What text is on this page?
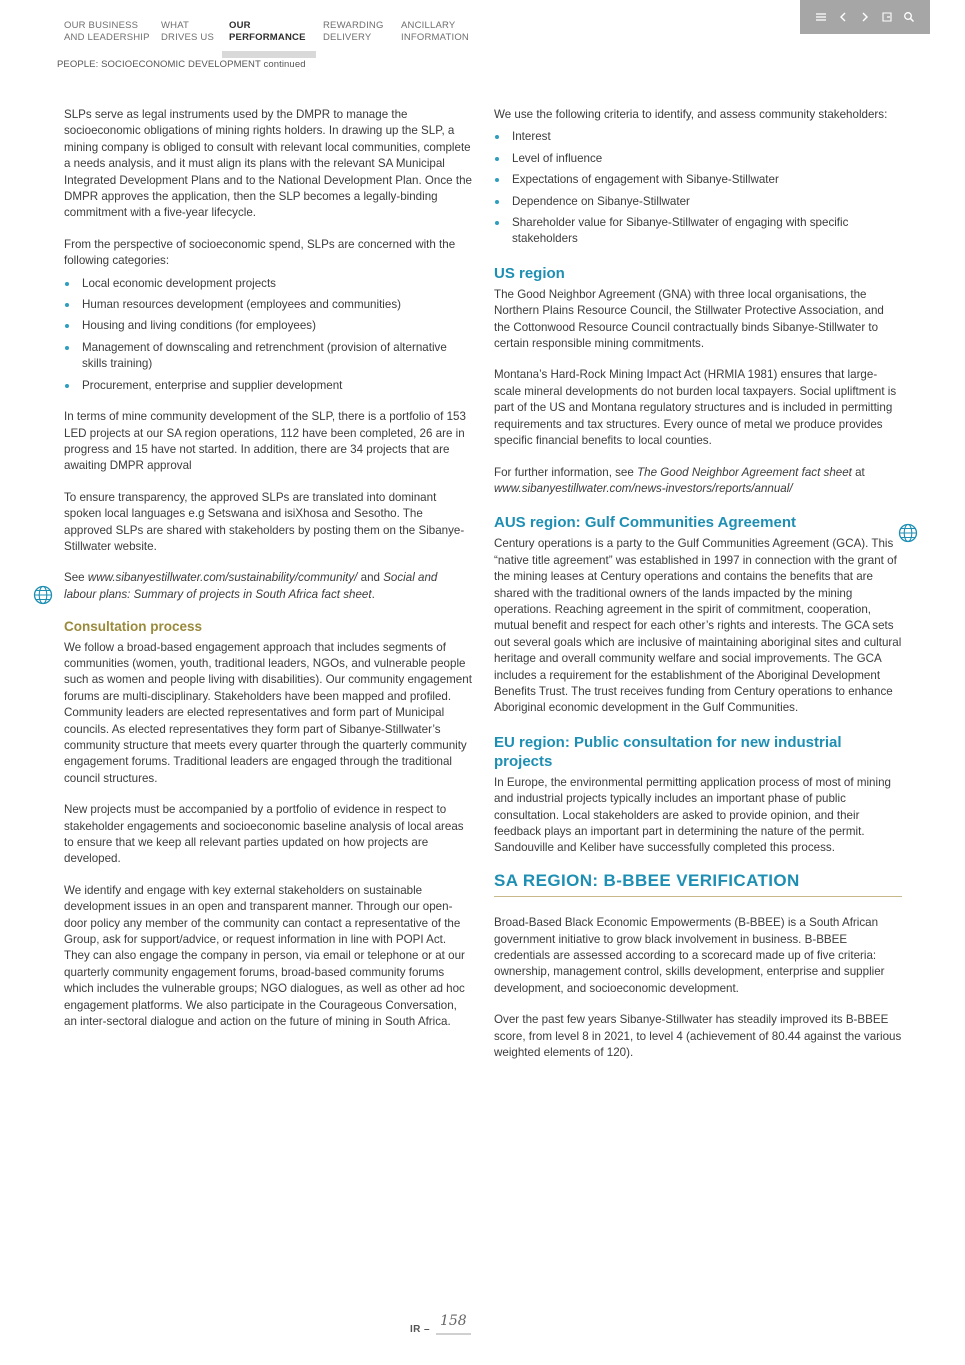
OUR BUSINESS
AND LEADERSHIP
WHAT
DRIVES US
OUR
PERFORMANCE
REWARDING
DELIVERY
ANCILLARY
INFORMATION
PEOPLE: SOCIOECONOMIC DEVELOPMENT continued

SLPs serve as legal instruments used by the DMPR to manage the socioeconomic obligations of mining rights holders. In drawing up the SLP, a mining company is obliged to consult with relevant local communities, complete a needs analysis, and it must align its plans with the relevant SA Municipal Integrated Development Plans and to the National Development Plan. Once the DMPR approves the application, then the SLP becomes a legally-binding commitment with a five-year lifecycle.

From the perspective of socioeconomic spend, SLPs are concerned with the following categories:

Local economic development projects
Human resources development (employees and communities)
Housing and living conditions (for employees)
Management of downscaling and retrenchment (provision of alternative skills training)
Procurement, enterprise and supplier development

In terms of mine community development of the SLP, there is a portfolio of 153 LED projects at our SA region operations, 112 have been completed, 26 are in progress and 15 have not started. In addition, there are 34 projects that are awaiting DMPR approval

To ensure transparency, the approved SLPs are translated into dominant spoken local languages e.g Setswana and isiXhosa and Sesotho. The approved SLPs are shared with stakeholders by posting them on the Sibanye-Stillwater website.

See www.sibanyestillwater.com/sustainability/community/ and Social and labour plans: Summary of projects in South Africa fact sheet.

Consultation process

We follow a broad-based engagement approach that includes segments of communities (women, youth, traditional leaders, NGOs, and vulnerable people such as women and people living with disabilities). Our community engagement forums are multi-disciplinary. Stakeholders have been mapped and profiled. Community leaders are elected representatives and form part of Municipal councils. As elected representatives they form part of Sibanye-Stillwater’s community structure that meets every quarter through the quarterly community engagement forums. Traditional leaders are engaged through the traditional council structures.

New projects must be accompanied by a portfolio of evidence in respect to stakeholder engagements and socioeconomic baseline analysis of local areas to ensure that we keep all relevant parties updated on how projects are developed.

We identify and engage with key external stakeholders on sustainable development issues in an open and transparent manner. Through our open-door policy any member of the community can contact a representative of the Group, ask for support/advice, or request information in line with POPI Act. They can also engage the company in person, via email or telephone or at our quarterly community engagement forums, broad-based community forums which includes the vulnerable groups; NGO dialogues, as well as other ad hoc engagement platforms. We also participate in the Courageous Conversation, an inter-sectoral dialogue and action on the future of mining in South Africa.

We use the following criteria to identify, and assess community stakeholders:

Interest
Level of influence
Expectations of engagement with Sibanye-Stillwater
Dependence on Sibanye-Stillwater
Shareholder value for Sibanye-Stillwater of engaging with specific stakeholders
US region

The Good Neighbor Agreement (GNA) with three local organisations, the Northern Plains Resource Council, the Stillwater Protective Association, and the Cottonwood Resource Council contractually binds Sibanye-Stillwater to certain responsible mining commitments.

Montana’s Hard-Rock Mining Impact Act (HRMIA 1981) ensures that large-scale mineral developments do not burden local taxpayers. Social upliftment is part of the US and Montana regulatory structures and is included in permitting requirements and tax structures. Every ounce of metal we produce provides specific financial benefits to local counties.

For further information, see The Good Neighbor Agreement fact sheet at www.sibanyestillwater.com/news-investors/reports/annual/

AUS region: Gulf Communities Agreement

Century operations is a party to the Gulf Communities Agreement (GCA). This “native title agreement” was established in 1997 in connection with the grant of the mining leases at Century operations and contains the benefits that are shared with the traditional owners of the lands impacted by the mining operations. Reaching agreement in the spirit of commitment, cooperation, mutual benefit and respect for each other’s rights and interests. The GCA sets out several goals which are inclusive of maintaining aboriginal sites and cultural heritage and overall community welfare and social improvements. The GCA includes a requirement for the establishment of the Aboriginal Development Benefits Trust. The trust receives funding from Century operations to enhance Aboriginal economic development in the Gulf Communities.

EU region: Public consultation for new industrial projects

In Europe, the environmental permitting application process of most of mining and industrial projects typically includes an important phase of public consultation. Local stakeholders are asked to provide opinion, and their feedback plays an important part in determining the nature of the permit. Sandouville and Keliber have successfully completed this process.

SA REGION: B-BBEE VERIFICATION

Broad-Based Black Economic Empowerments (B-BBEE) is a South African government initiative to grow black involvement in business. B-BBEE credentials are assessed according to a scorecard made up of five criteria: ownership, management control, skills development, enterprise and supplier development, and socioeconomic development.

Over the past few years Sibanye-Stillwater has steadily improved its B-BBEE score, from level 8 in 2021, to level 4 (achievement of 80.44 against the various weighted elements of 120).

IR –
158
